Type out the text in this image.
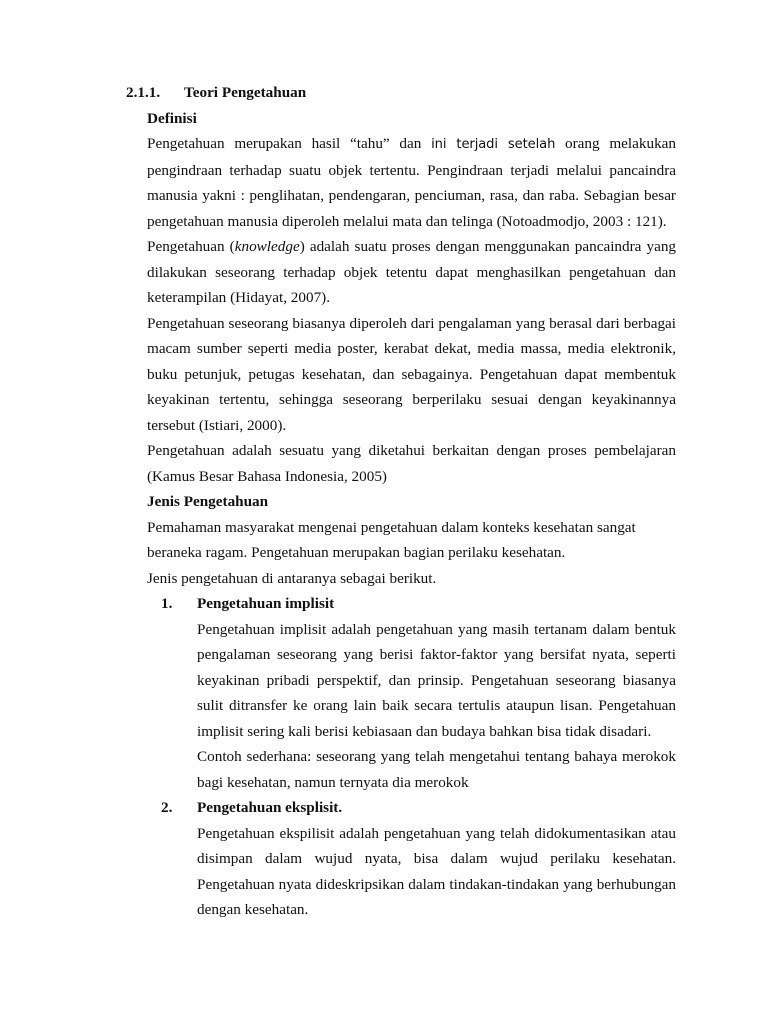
2.1.1.	Teori Pengetahuan
Definisi

Pengetahuan merupakan hasil “tahu” dan ini terjadi setelah orang melakukan pengindraan terhadap suatu objek tertentu. Pengindraan terjadi melalui pancaindra manusia yakni : penglihatan, pendengaran, penciuman, rasa, dan raba. Sebagian besar pengetahuan manusia diperoleh melalui mata dan telinga (Notoadmodjo, 2003 : 121).

Pengetahuan (knowledge) adalah suatu proses dengan menggunakan pancaindra yang dilakukan seseorang terhadap objek tetentu dapat menghasilkan pengetahuan dan keterampilan (Hidayat, 2007).

Pengetahuan seseorang biasanya diperoleh dari pengalaman yang berasal dari berbagai macam sumber seperti media poster, kerabat dekat, media massa, media elektronik, buku petunjuk, petugas kesehatan, dan sebagainya. Pengetahuan dapat membentuk keyakinan tertentu, sehingga seseorang berperilaku sesuai dengan keyakinannya tersebut (Istiari, 2000).

Pengetahuan adalah sesuatu yang diketahui berkaitan dengan proses pembelajaran (Kamus Besar Bahasa Indonesia, 2005)

Jenis Pengetahuan

Pemahaman masyarakat mengenai pengetahuan dalam konteks kesehatan sangat beraneka ragam. Pengetahuan merupakan bagian perilaku kesehatan.

Jenis pengetahuan di antaranya sebagai berikut.

1. Pengetahuan implisit

Pengetahuan implisit adalah pengetahuan yang masih tertanam dalam bentuk pengalaman seseorang yang berisi faktor-faktor yang bersifat nyata, seperti keyakinan pribadi perspektif, dan prinsip. Pengetahuan seseorang biasanya sulit ditransfer ke orang lain baik secara tertulis ataupun lisan. Pengetahuan implisit sering kali berisi kebiasaan dan budaya bahkan bisa tidak disadari.

Contoh sederhana: seseorang yang telah mengetahui tentang bahaya merokok bagi kesehatan, namun ternyata dia merokok

2. Pengetahuan eksplisit.

Pengetahuan ekspilisit adalah pengetahuan yang telah didokumentasikan atau disimpan dalam wujud nyata, bisa dalam wujud perilaku kesehatan. Pengetahuan nyata dideskripsikan dalam tindakan-tindakan yang berhubungan dengan kesehatan.
